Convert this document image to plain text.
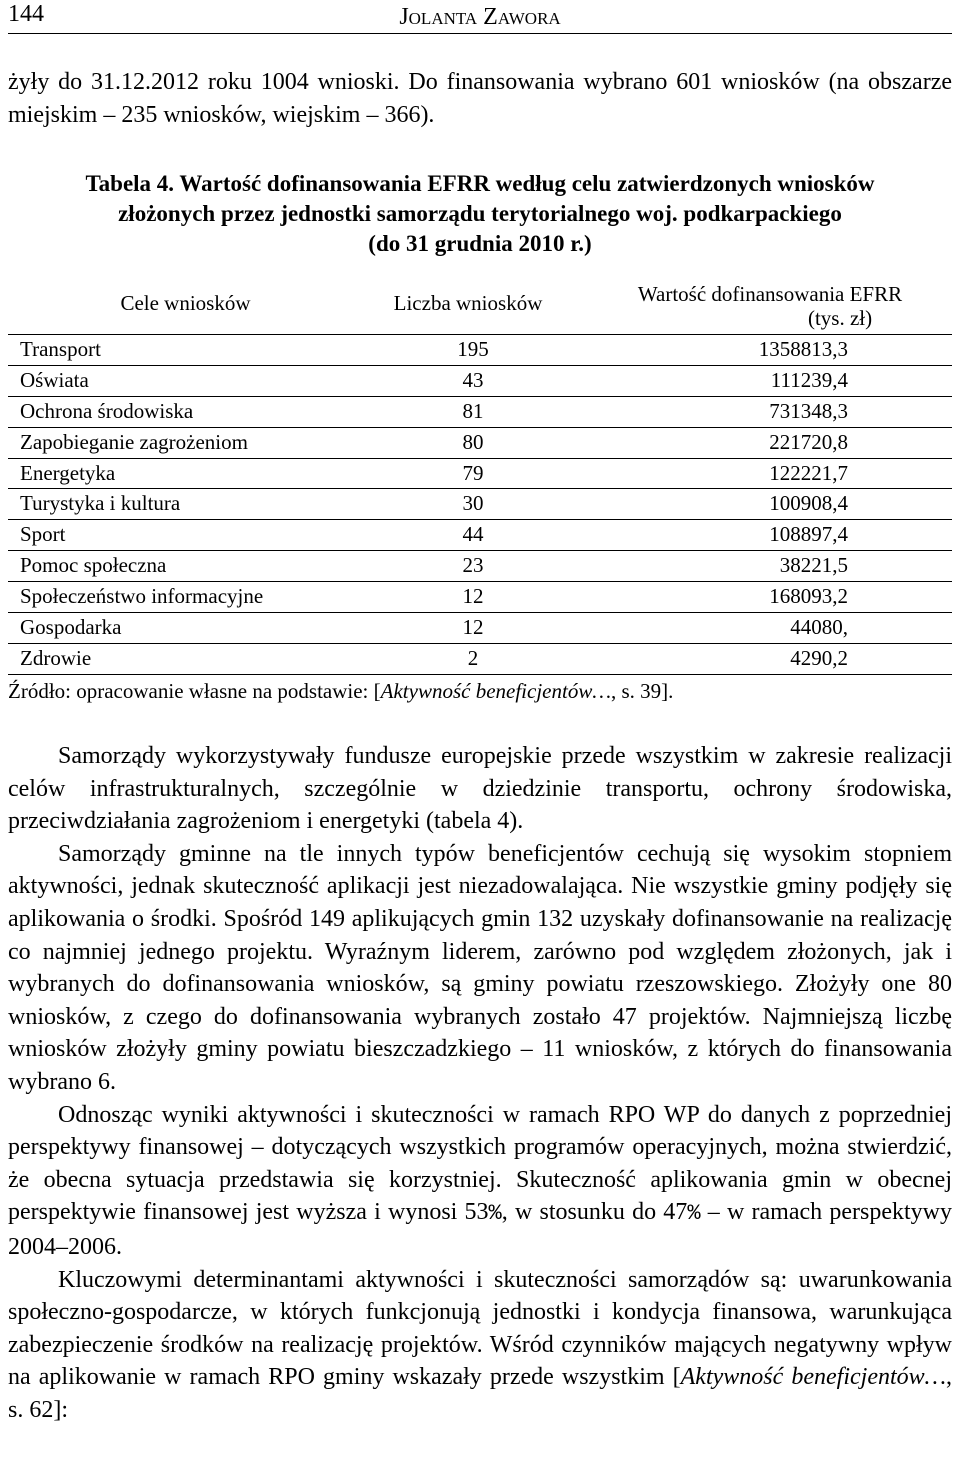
144	Jolanta Zawora
żyły do 31.12.2012 roku 1004 wnioski. Do finansowania wybrano 601 wniosków (na obszarze miejskim – 235 wniosków, wiejskim – 366).
Tabela 4. Wartość dofinansowania EFRR według celu zatwierdzonych wniosków
złożonych przez jednostki samorządu terytorialnego woj. podkarpackiego
(do 31 grudnia 2010 r.)
Cele wniosków	Liczba wniosków	Wartość dofinansowania EFRR
(tys. zł)
Transport	195	1358813,3
Oświata	43	111239,4
Ochrona środowiska	81	731348,3
Zapobieganie zagrożeniom	80	221720,8
Energetyka	79	122221,7
Turystyka i kultura	30	100908,4
Sport	44	108897,4
Pomoc społeczna	23	38221,5
Społeczeństwo informacyjne	12	168093,2
Gospodarka	12	44080,
Zdrowie	2	4290,2
Źródło: opracowanie własne na podstawie: [Aktywność beneficjentów…, s. 39].

Samorządy wykorzystywały fundusze europejskie przede wszystkim w zakresie realizacji celów infrastrukturalnych, szczególnie w dziedzinie transportu, ochrony środowiska, przeciwdziałania zagrożeniom i energetyki (tabela 4).

Samorządy gminne na tle innych typów beneficjentów cechują się wysokim stopniem aktywności, jednak skuteczność aplikacji jest niezadowalająca. Nie wszystkie gminy podjęły się aplikowania o środki. Spośród 149 aplikujących gmin 132 uzyskały dofinansowanie na realizację co najmniej jednego projektu. Wyraźnym liderem, zarówno pod względem złożonych, jak i wybranych do dofinansowania wniosków, są gminy powiatu rzeszowskiego. Złożyły one 80 wniosków, z czego do dofinansowania wybranych zostało 47 projektów. Najmniejszą liczbę wniosków złożyły gminy powiatu bieszczadzkiego – 11 wniosków, z których do finansowania wybrano 6.

Odnosząc wyniki aktywności i skuteczności w ramach RPO WP do danych z poprzedniej perspektywy finansowej – dotyczących wszystkich programów operacyjnych, można stwierdzić, że obecna sytuacja przedstawia się korzystniej. Skuteczność aplikowania gmin w obecnej perspektywie finansowej jest wyższa i wynosi 53%, w stosunku do 47% – w ramach perspektywy 2004–2006.

Kluczowymi determinantami aktywności i skuteczności samorządów są: uwarunkowania społeczno-gospodarcze, w których funkcjonują jednostki i kondycja finansowa, warunkująca zabezpieczenie środków na realizację projektów. Wśród czynników mających negatywny wpływ na aplikowanie w ramach RPO gminy wskazały przede wszystkim [Aktywność beneficjentów…, s. 62]:
